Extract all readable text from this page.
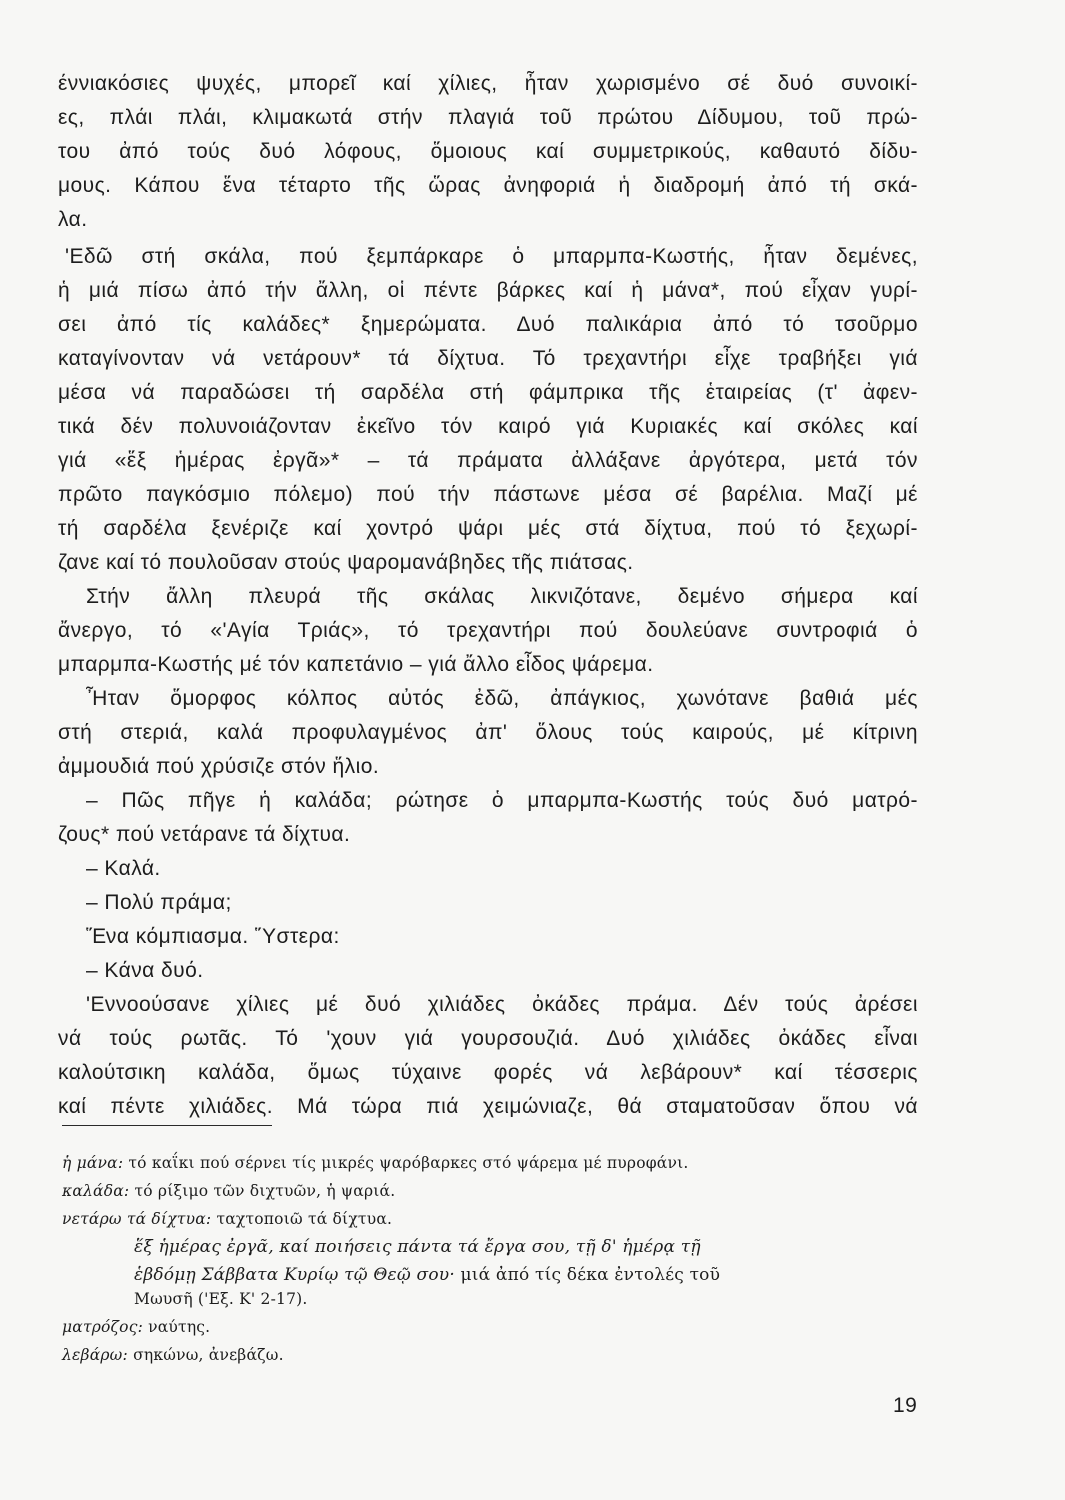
έννιακόσιες ψυχές, μπορεῖ καί χίλιες, ἦταν χωρισμένο σέ δυό συνοικί-
ες, πλάι πλάι, κλιμακωτά στήν πλαγιά τοῦ πρώτου Δίδυμου, τοῦ πρώ-
του ἀπό τούς δυό λόφους, ὅμοιους καί συμμετρικούς, καθαυτό δίδυ-
μους. Κάπου ἕνα τέταρτο τῆς ὥρας ἀνηφοριά ἡ διαδρομή ἀπό τή σκά-
λα.
'Εδῶ στή σκάλα, πού ξεμπάρκαρε ὁ μπαρμπα-Κωστής, ἦταν δεμένες,
ἡ μιά πίσω ἀπό τήν ἄλλη, οἱ πέντε βάρκες καί ἡ μάνα*, πού εἶχαν γυρί-
σει ἀπό τίς καλάδες* ξημερώματα. Δυό παλικάρια ἀπό τό τσοῦρμο
καταγίνονταν νά νετάρουν* τά δίχτυα. Τό τρεχαντήρι εἶχε τραβήξει γιά
μέσα νά παραδώσει τή σαρδέλα στή φάμπρικα τῆς ἑταιρείας (τ' ἀφεν-
τικά δέν πολυνοιάζονταν ἐκεῖνο τόν καιρό γιά Κυριακές καί σκόλες καί
γιά «ἕξ ἡμέρας ἐργᾶ»* – τά πράματα ἀλλάξανε ἀργότερα, μετά τόν
πρῶτο παγκόσμιο πόλεμο) πού τήν πάστωνε μέσα σέ βαρέλια. Μαζί μέ
τή σαρδέλα ξενέριζε καί χοντρό ψάρι μές στά δίχτυα, πού τό ξεχωρί-
ζανε καί τό πουλοῦσαν στούς ψαρομανάβηδες τῆς πιάτσας.
Στήν ἄλλη πλευρά τῆς σκάλας λικνιζότανε, δεμένο σήμερα καί
ἄνεργο, τό «'Αγία Τριάς», τό τρεχαντήρι πού δουλεύανε συντροφιά ὁ
μπαρμπα-Κωστής μέ τόν καπετάνιο – γιά ἄλλο εἶδος ψάρεμα.
Ἦταν ὅμορφος κόλπος αὐτός ἐδῶ, ἀπάγκιος, χωνότανε βαθιά μές
στή στεριά, καλά προφυλαγμένος ἀπ' ὅλους τούς καιρούς, μέ κίτρινη
ἀμμουδιά πού χρύσιζε στόν ἥλιο.
– Πῶς πῆγε ἡ καλάδα; ρώτησε ὁ μπαρμπα-Κωστής τούς δυό ματρό-
ζους* πού νετάρανε τά δίχτυα.
– Καλά.
– Πολύ πράμα;
Ἕνα κόμπιασμα. Ὕστερα:
– Κάνα δυό.
'Εννοούσανε χίλιες μέ δυό χιλιάδες ὀκάδες πράμα. Δέν τούς ἀρέσει
νά τούς ρωτᾶς. Τό 'χουν γιά γουρσουζιά. Δυό χιλιάδες ὀκάδες εἶναι
καλούτσικη καλάδα, ὅμως τύχαινε φορές νά λεβάρουν* καί τέσσερις
καί πέντε χιλιάδες. Μά τώρα πιά χειμώνιαζε, θά σταματοῦσαν ὅπου νά
ἡ μάνα: τό καΐκι πού σέρνει τίς μικρές ψαρόβαρκες στό ψάρεμα μέ πυροφάνι.
καλάδα: τό ρίξιμο τῶν διχτυῶν, ἡ ψαριά.
νετάρω τά δίχτυα: ταχτοποιῶ τά δίχτυα.
ἕξ ἡμέρας ἐργᾶ, καί ποιήσεις πάντα τά ἔργα σου, τῇ δ' ἡμέρᾳ τῇ
ἑβδόμῃ Σάββατα Κυρίῳ τῷ Θεῷ σου· μιά ἀπό τίς δέκα ἐντολές τοῦ
Μωυσῆ ('Εξ. Κ' 2-17).
ματρόζος: ναύτης.
λεβάρω: σηκώνω, ἀνεβάζω.
19
